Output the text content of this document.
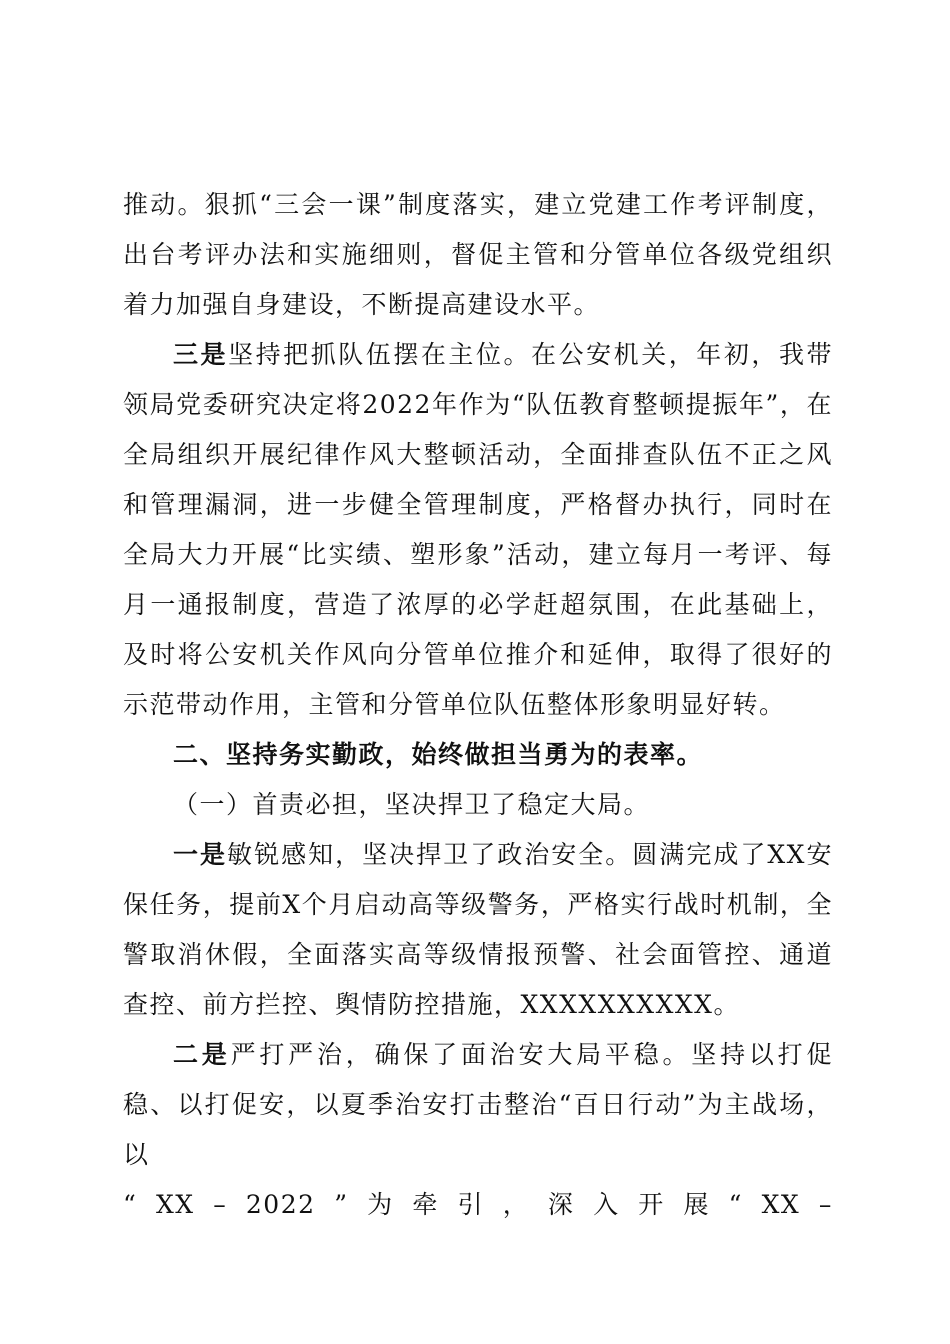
推动。狠抓“三会一课”制度落实，建立党建工作考评制度，出台考评办法和实施细则，督促主管和分管单位各级党组织着力加强自身建设，不断提高建设水平。

三是坚持把抓队伍摆在主位。在公安机关，年初，我带领局党委研究决定将2022年作为“队伍教育整顿提振年”，在全局组织开展纪律作风大整顿活动，全面排查队伍不正之风和管理漏洞，进一步健全管理制度，严格督办执行，同时在全局大力开展“比实绩、塑形象”活动，建立每月一考评、每月一通报制度，营造了浓厚的必学赶超氛围，在此基础上，及时将公安机关作风向分管单位推介和延伸，取得了很好的示范带动作用，主管和分管单位队伍整体形象明显好转。

二、坚持务实勤政，始终做担当勇为的表率。

（一）首责必担，坚决捍卫了稳定大局。

一是敏锐感知，坚决捍卫了政治安全。圆满完成了XX安保任务，提前X个月启动高等级警务，严格实行战时机制，全警取消休假，全面落实高等级情报预警、社会面管控、通道查控、前方拦控、舆情防控措施，XXXXXXXXXX。

二是严打严治，确保了面治安大局平稳。坚持以打促稳、以打促安，以夏季治安打击整治“百日行动”为主战场，以

“ XX – 2022 ” 为 牵 引 ， 深 入 开 展 “ XX –
